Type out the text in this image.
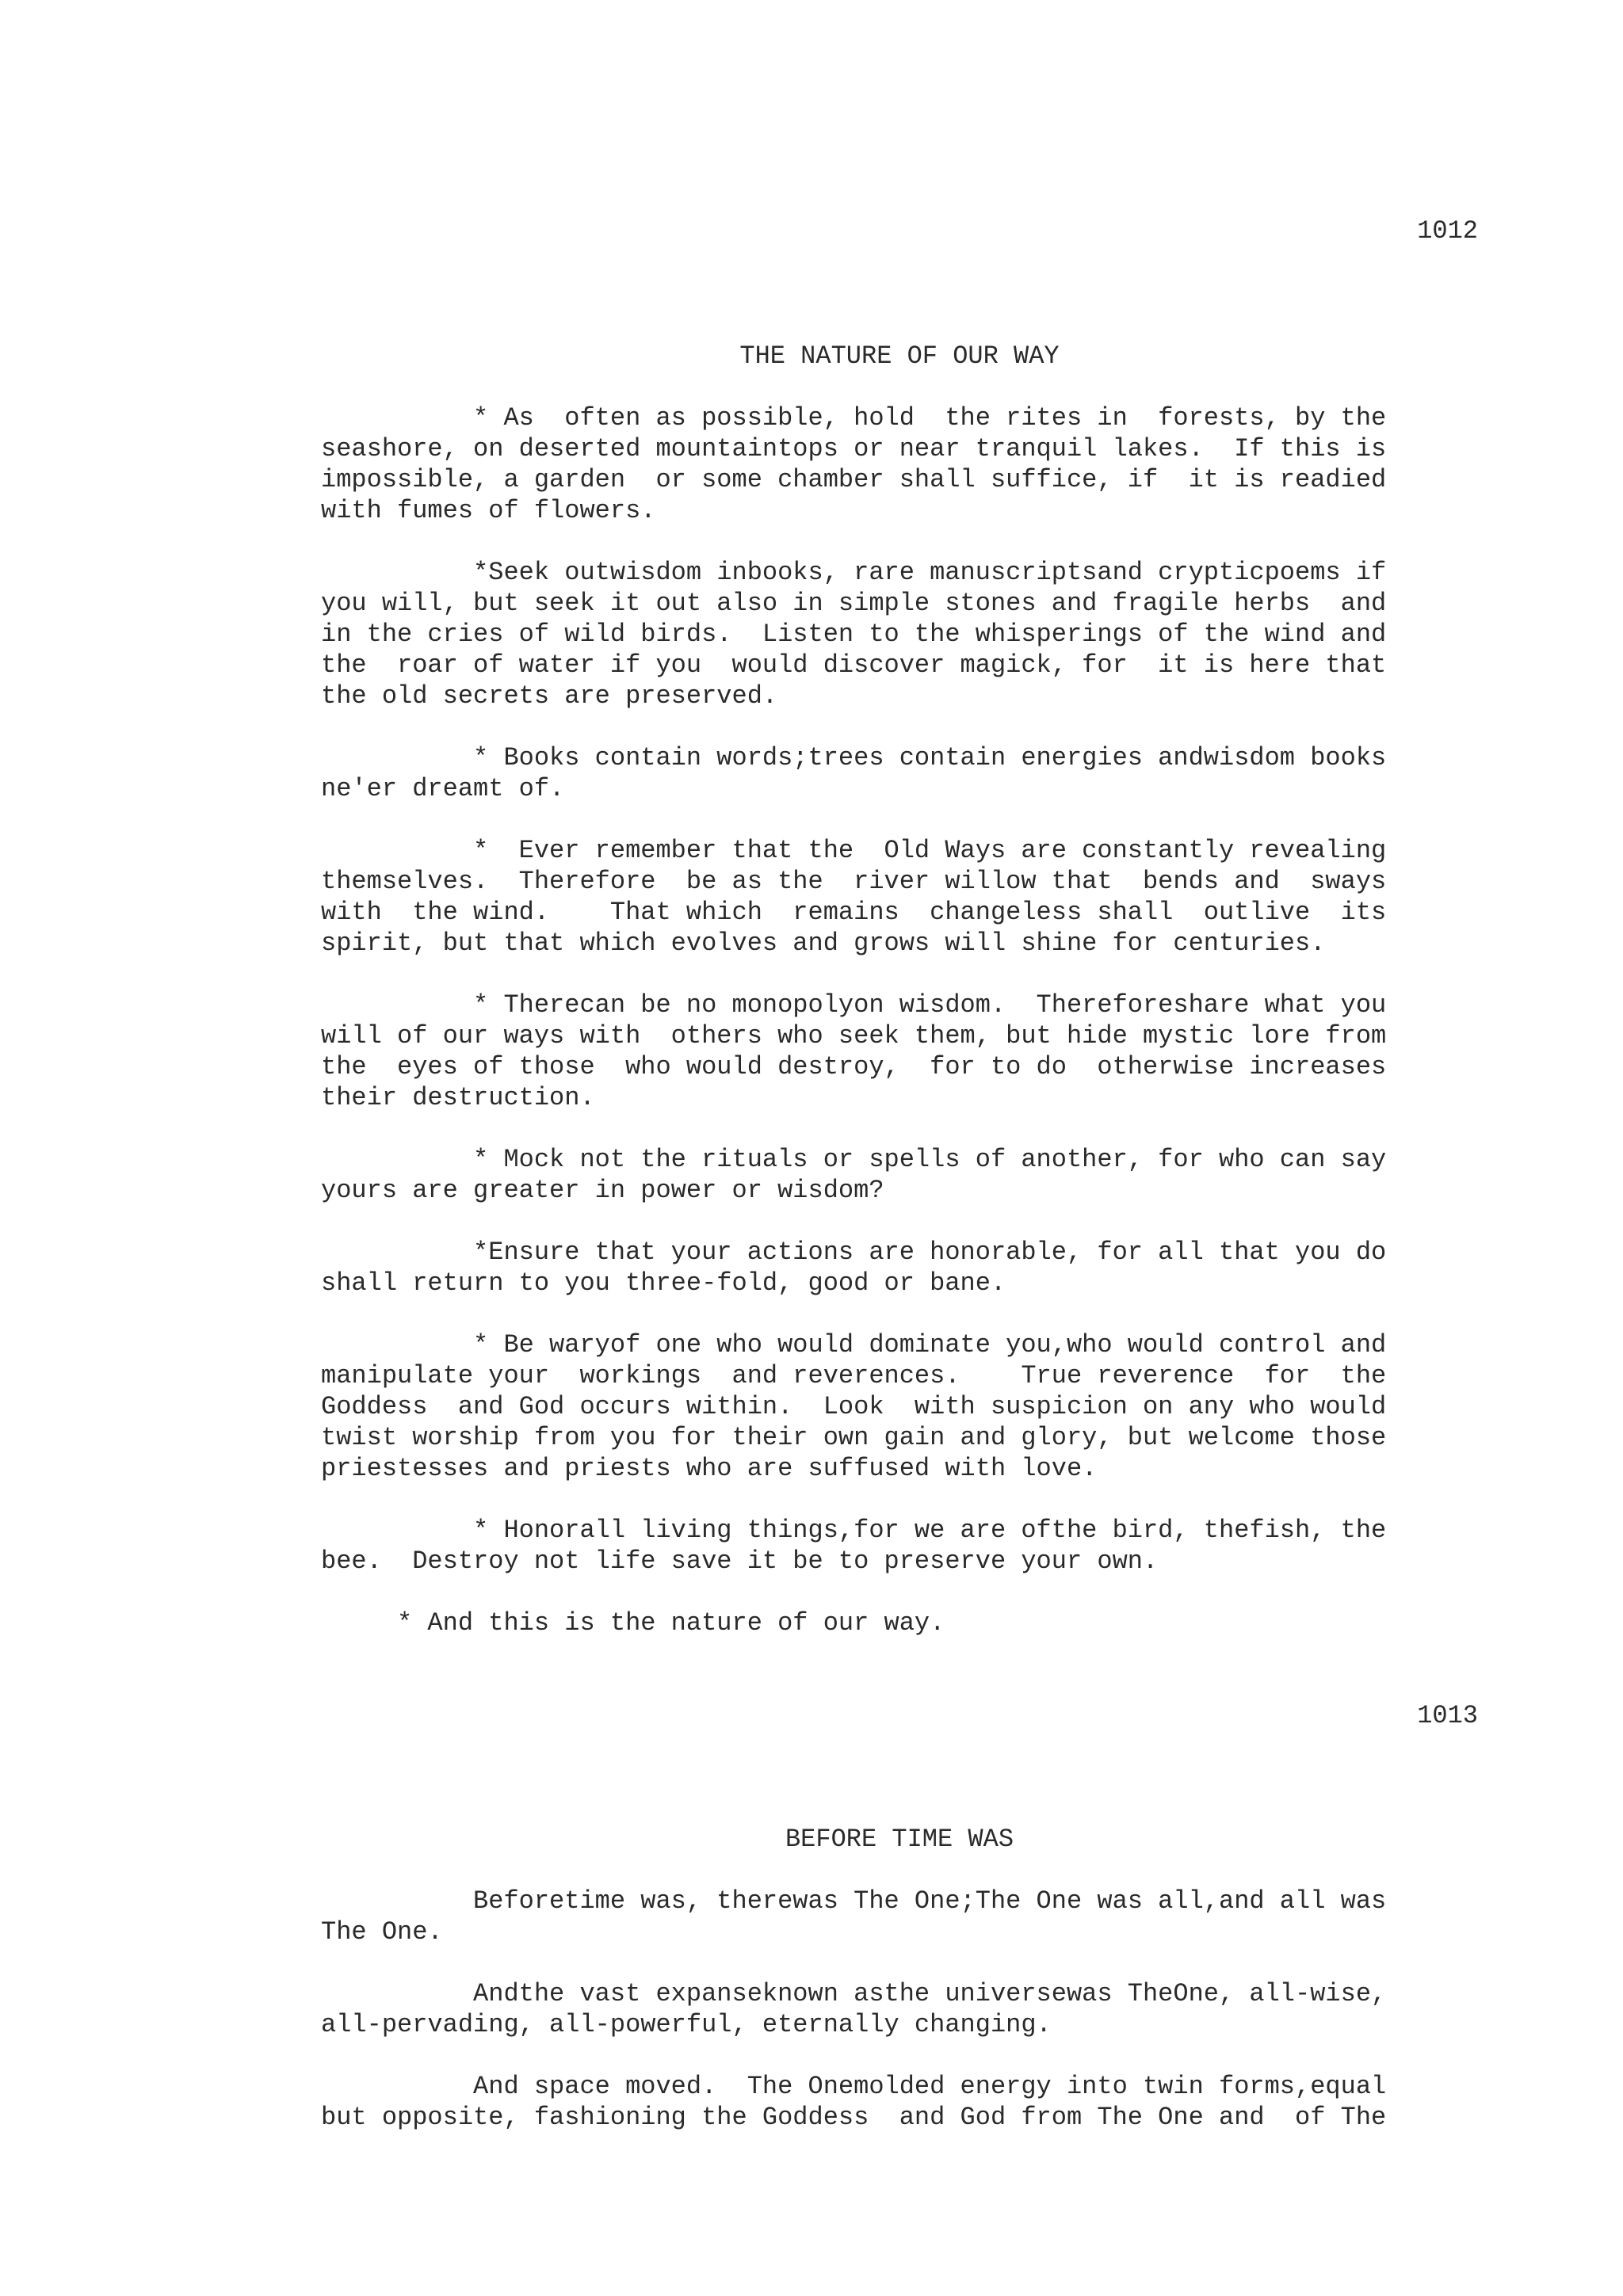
1012
THE NATURE OF OUR WAY
* As  often as possible, hold  the rites in  forests, by the
seashore, on deserted mountaintops or near tranquil lakes.  If this is
impossible, a garden  or some chamber shall suffice, if  it is readied
with fumes of flowers.
*Seek outwisdom inbooks, rare manuscriptsand crypticpoems if
you will, but seek it out also in simple stones and fragile herbs  and
in the cries of wild birds.  Listen to the whisperings of the wind and
the  roar of water if you  would discover magick, for  it is here that
the old secrets are preserved.
* Books contain words;trees contain energies andwisdom books
ne'er dreamt of.
*  Ever remember that the  Old Ways are constantly revealing
themselves.  Therefore  be as the  river willow that  bends and  sways
with  the wind.    That which  remains  changeless shall  outlive  its
spirit, but that which evolves and grows will shine for centuries.
* Therecan be no monopolyon wisdom.  Thereforeshare what you
will of our ways with  others who seek them, but hide mystic lore from
the  eyes of those  who would destroy,  for to do  otherwise increases
their destruction.
* Mock not the rituals or spells of another, for who can say
yours are greater in power or wisdom?
*Ensure that your actions are honorable, for all that you do
shall return to you three-fold, good or bane.
* Be waryof one who would dominate you,who would control and
manipulate your  workings  and reverences.    True reverence  for  the
Goddess  and God occurs within.  Look  with suspicion on any who would
twist worship from you for their own gain and glory, but welcome those
priestesses and priests who are suffused with love.
* Honorall living things,for we are ofthe bird, thefish, the
bee.  Destroy not life save it be to preserve your own.
* And this is the nature of our way.
1013
BEFORE TIME WAS
Beforetime was, therewas The One;The One was all,and all was
The One.
Andthe vast expanseknown asthe universewas TheOne, all-wise,
all-pervading, all-powerful, eternally changing.
And space moved.  The Onemolded energy into twin forms,equal
but opposite, fashioning the Goddess  and God from The One and  of The
